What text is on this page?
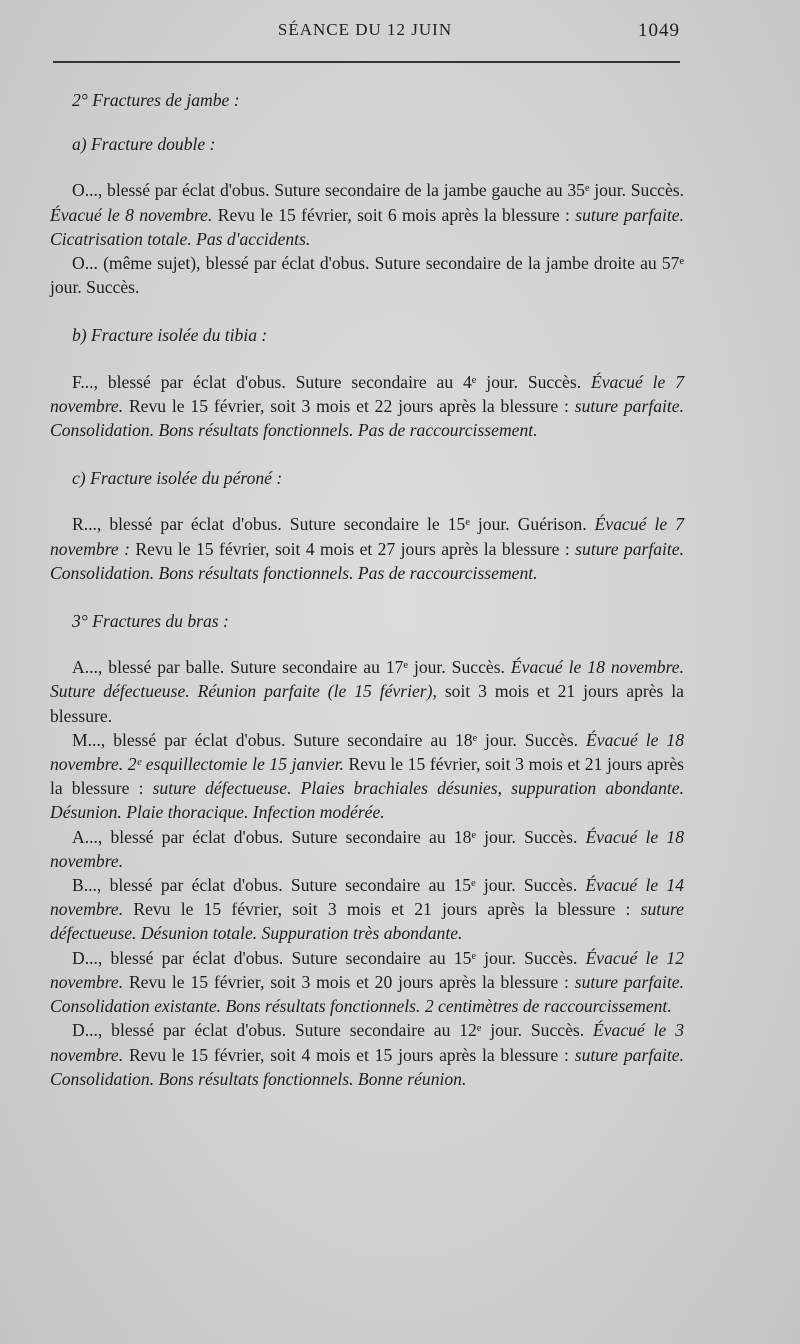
SÉANCE DU 12 JUIN	1049

2° Fractures de jambe :

a) Fracture double :

O..., blessé par éclat d'obus. Suture secondaire de la jambe gauche au 35ᵉ jour. Succès. Évacué le 8 novembre. Revu le 15 février, soit 6 mois après la blessure : suture parfaite. Cicatrisation totale. Pas d'accidents.

O... (même sujet), blessé par éclat d'obus. Suture secondaire de la jambe droite au 57ᵉ jour. Succès.

b) Fracture isolée du tibia :

F..., blessé par éclat d'obus. Suture secondaire au 4ᵉ jour. Succès. Évacué le 7 novembre. Revu le 15 février, soit 3 mois et 22 jours après la blessure : suture parfaite. Consolidation. Bons résultats fonctionnels. Pas de raccourcissement.

c) Fracture isolée du péroné :

R..., blessé par éclat d'obus. Suture secondaire le 15ᵉ jour. Guérison. Évacué le 7 novembre : Revu le 15 février, soit 4 mois et 27 jours après la blessure : suture parfaite. Consolidation. Bons résultats fonctionnels. Pas de raccourcissement.

3° Fractures du bras :

A..., blessé par balle. Suture secondaire au 17ᵉ jour. Succès. Évacué le 18 novembre. Suture défectueuse. Réunion parfaite (le 15 février), soit 3 mois et 21 jours après la blessure.

M..., blessé par éclat d'obus. Suture secondaire au 18ᵉ jour. Succès. Évacué le 18 novembre. 2ᵉ esquillectomie le 15 janvier. Revu le 15 février, soit 3 mois et 21 jours après la blessure : suture défectueuse. Plaies brachiales désunies, suppuration abondante. Désunion. Plaie thoracique. Infection modérée.

A..., blessé par éclat d'obus. Suture secondaire au 18ᵉ jour. Succès. Évacué le 18 novembre.

B..., blessé par éclat d'obus. Suture secondaire au 15ᵉ jour. Succès. Évacué le 14 novembre. Revu le 15 février, soit 3 mois et 21 jours après la blessure : suture défectueuse. Désunion totale. Suppuration très abondante.

D..., blessé par éclat d'obus. Suture secondaire au 15ᵉ jour. Succès. Évacué le 12 novembre. Revu le 15 février, soit 3 mois et 20 jours après la blessure : suture parfaite. Consolidation existante. Bons résultats fonctionnels. 2 centimètres de raccourcissement.

D..., blessé par éclat d'obus. Suture secondaire au 12ᵉ jour. Succès. Évacué le 3 novembre. Revu le 15 février, soit 4 mois et 15 jours après la blessure : suture parfaite. Consolidation. Bons résultats fonctionnels. Bonne réunion.
